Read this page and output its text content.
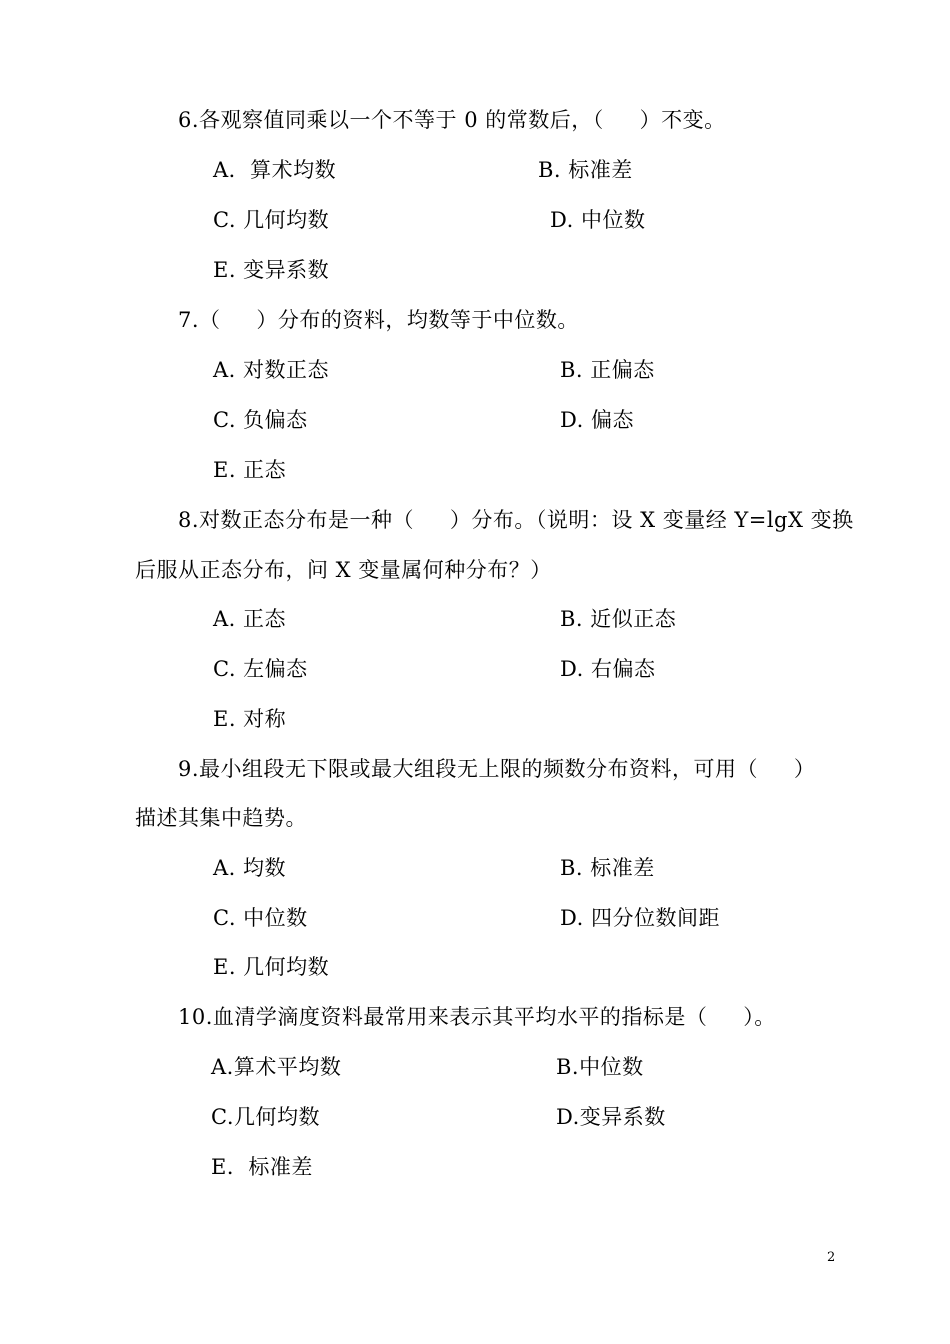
6.各观察值同乘以一个不等于 0 的常数后，（     ）不变。
A．算术均数	B. 标准差
C. 几何均数	D. 中位数
E. 变异系数
7.（     ）分布的资料，均数等于中位数。
A. 对数正态	B. 正偏态
C. 负偏态	D. 偏态
E. 正态
8.对数正态分布是一种（     ）分布。（说明：设 X 变量经 Y=lgX 变换
后服从正态分布，问 X 变量属何种分布？）
A. 正态	B. 近似正态
C. 左偏态	D. 右偏态
E. 对称
9.最小组段无下限或最大组段无上限的频数分布资料，可用（     ）
描述其集中趋势。
A. 均数	B. 标准差
C. 中位数	D. 四分位数间距
E. 几何均数
10.血清学滴度资料最常用来表示其平均水平的指标是（     ）。
A.算术平均数	B.中位数
C.几何均数	D.变异系数
E．标准差
2
